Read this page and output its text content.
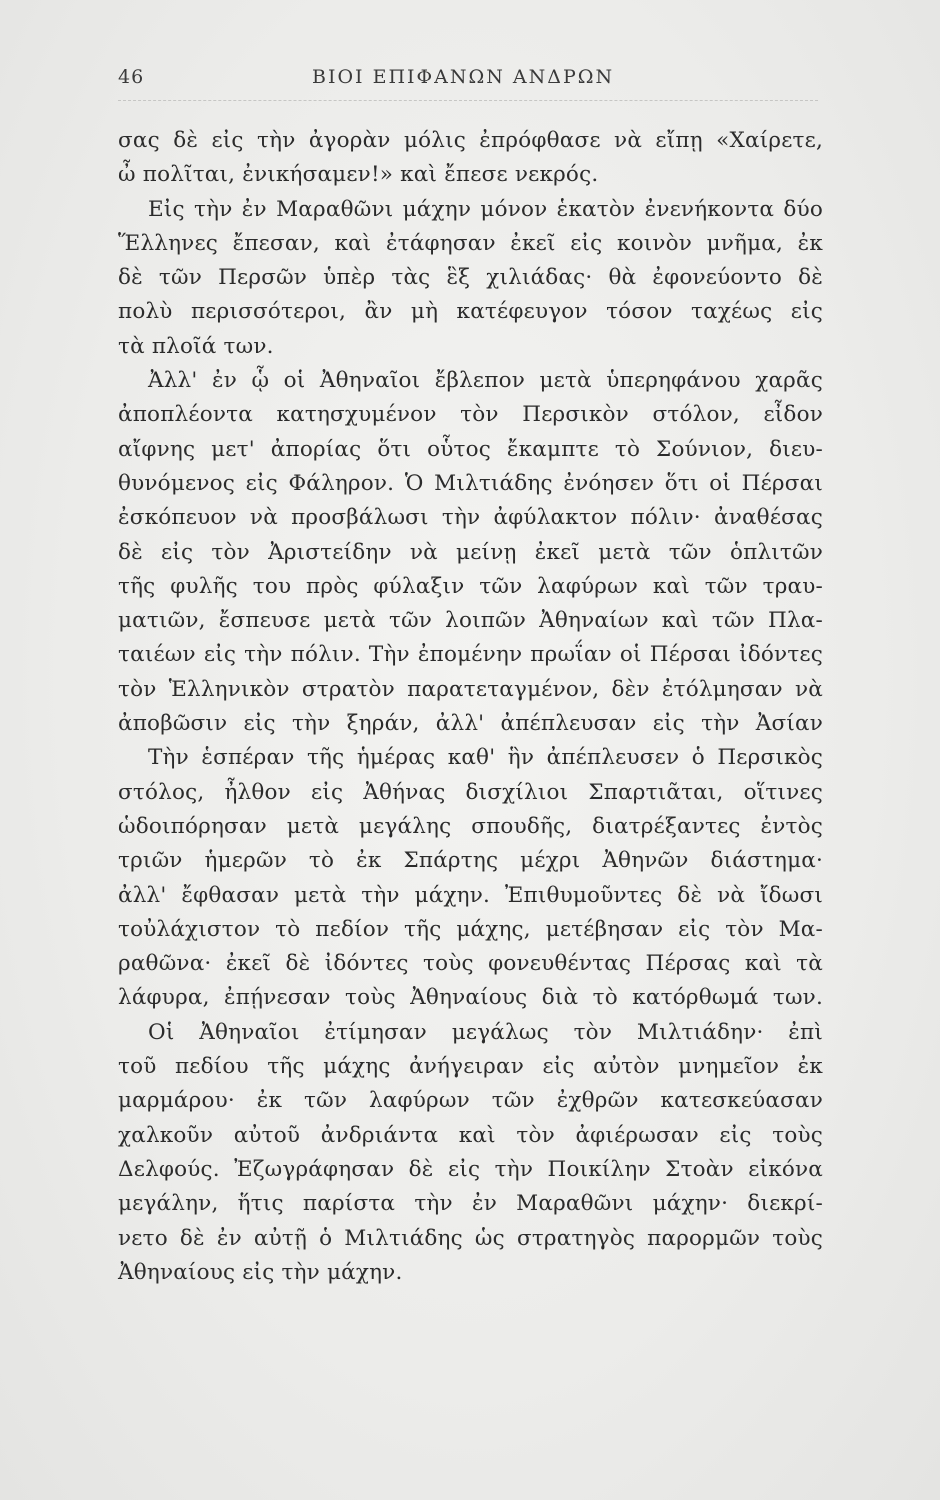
46	ΒΙΟΙ ΕΠΙΦΑΝΩΝ ΑΝΔΡΩΝ
σας δὲ εἰς τὴν ἀγορὰν μόλις ἐπρόφθασε νὰ εἴπῃ «Χαίρετε,
ὦ πολῖται, ἐνικήσαμεν!» καὶ ἔπεσε νεκρός.
Εἰς τὴν ἐν Μαραθῶνι μάχην μόνον ἑκατὸν ἐνενήκοντα δύο
Ἕλληνες ἔπεσαν, καὶ ἐτάφησαν ἐκεῖ εἰς κοινὸν μνῆμα, ἐκ
δὲ τῶν Περσῶν ὑπὲρ τὰς ἓξ χιλιάδας· θὰ ἐφονεύοντο δὲ
πολὺ περισσότεροι, ἂν μὴ κατέφευγον τόσον ταχέως εἰς
τὰ πλοῖά των.
Ἀλλ' ἐν ᾧ οἱ Ἀθηναῖοι ἔβλεπον μετὰ ὑπερηφάνου χαρᾶς
ἀποπλέοντα κατησχυμένον τὸν Περσικὸν στόλον, εἶδον
αἴφνης μετ' ἀπορίας ὅτι οὗτος ἔκαμπτε τὸ Σούνιον, διευ-
θυνόμενος εἰς Φάληρον. Ὁ Μιλτιάδης ἐνόησεν ὅτι οἱ Πέρσαι
ἐσκόπευον νὰ προσβάλωσι τὴν ἀφύλακτον πόλιν· ἀναθέσας
δὲ εἰς τὸν Ἀριστείδην νὰ μείνῃ ἐκεῖ μετὰ τῶν ὁπλιτῶν
τῆς φυλῆς του πρὸς φύλαξιν τῶν λαφύρων καὶ τῶν τραυ-
ματιῶν, ἔσπευσε μετὰ τῶν λοιπῶν Ἀθηναίων καὶ τῶν Πλα-
ταιέων εἰς τὴν πόλιν. Τὴν ἐπομένην πρωΐαν οἱ Πέρσαι ἰδόντες
τὸν Ἑλληνικὸν στρατὸν παρατεταγμένον, δὲν ἐτόλμησαν νὰ
ἀποβῶσιν εἰς τὴν ξηράν, ἀλλ' ἀπέπλευσαν εἰς τὴν Ἀσίαν
Τὴν ἑσπέραν τῆς ἡμέρας καθ' ἣν ἀπέπλευσεν ὁ Περσικὸς
στόλος, ἦλθον εἰς Ἀθήνας δισχίλιοι Σπαρτιᾶται, οἵτινες
ὡδοιπόρησαν μετὰ μεγάλης σπουδῆς, διατρέξαντες ἐντὸς
τριῶν ἡμερῶν τὸ ἐκ Σπάρτης μέχρι Ἀθηνῶν διάστημα·
ἀλλ' ἔφθασαν μετὰ τὴν μάχην. Ἐπιθυμοῦντες δὲ νὰ ἴδωσι
τοὐλάχιστον τὸ πεδίον τῆς μάχης, μετέβησαν εἰς τὸν Μα-
ραθῶνα· ἐκεῖ δὲ ἰδόντες τοὺς φονευθέντας Πέρσας καὶ τὰ
λάφυρα, ἐπῄνεσαν τοὺς Ἀθηναίους διὰ τὸ κατόρθωμά των.
Οἱ Ἀθηναῖοι ἐτίμησαν μεγάλως τὸν Μιλτιάδην· ἐπὶ
τοῦ πεδίου τῆς μάχης ἀνήγειραν εἰς αὐτὸν μνημεῖον ἐκ
μαρμάρου· ἐκ τῶν λαφύρων τῶν ἐχθρῶν κατεσκεύασαν
χαλκοῦν αὐτοῦ ἀνδριάντα καὶ τὸν ἀφιέρωσαν εἰς τοὺς
Δελφούς. Ἐζωγράφησαν δὲ εἰς τὴν Ποικίλην Στοὰν εἰκόνα
μεγάλην, ἥτις παρίστα τὴν ἐν Μαραθῶνι μάχην· διεκρί-
νετο δὲ ἐν αὐτῇ ὁ Μιλτιάδης ὡς στρατηγὸς παρορμῶν τοὺς
Ἀθηναίους εἰς τὴν μάχην.
